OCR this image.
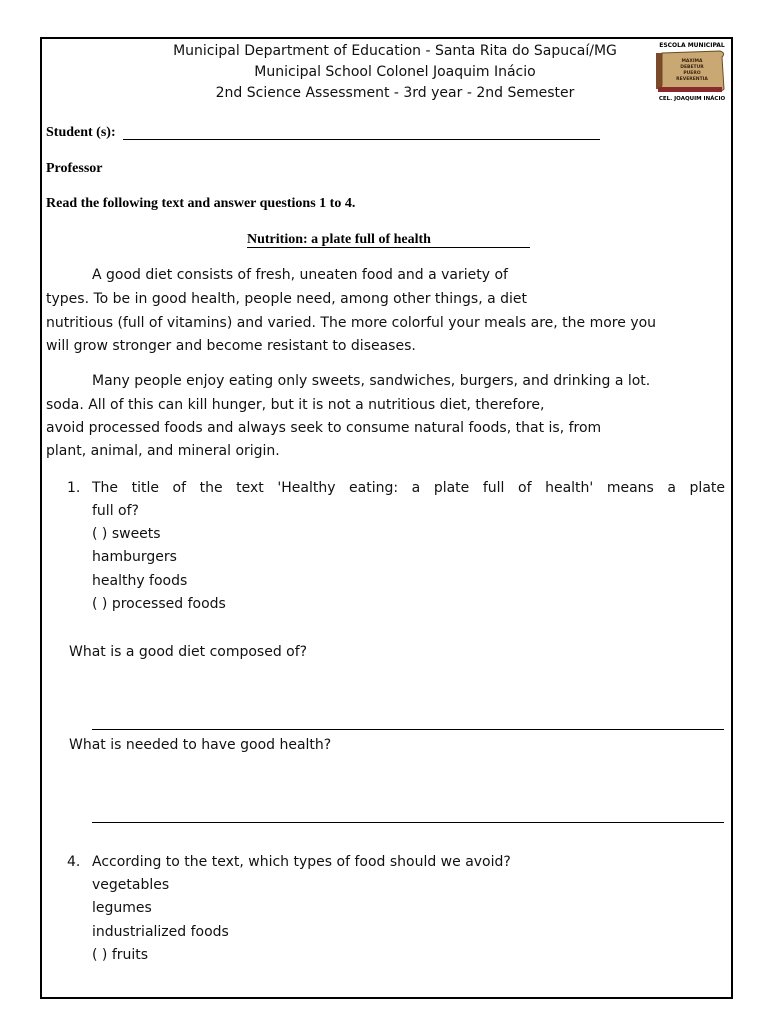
Municipal Department of Education - Santa Rita do Sapucaí/MG
Municipal School Colonel Joaquim Inácio
2nd Science Assessment - 3rd year - 2nd Semester
ESCOLA MUNICIPAL
MAXIMA
DEBETUR
PUERO
REVERENTIA
CEL. JOAQUIM INÁCIO
Student (s):
Professor
Read the following text and answer questions 1 to 4.
Nutrition: a plate full of health
A good diet consists of fresh, uneaten food and a variety of
types. To be in good health, people need, among other things, a diet
nutritious (full of vitamins) and varied. The more colorful your meals are, the more you
will grow stronger and become resistant to diseases.
Many people enjoy eating only sweets, sandwiches, burgers, and drinking a lot.
soda. All of this can kill hunger, but it is not a nutritious diet, therefore,
avoid processed foods and always seek to consume natural foods, that is, from
plant, animal, and mineral origin.
1. The title of the text 'Healthy eating: a plate full of health' means a plate
full of?
( ) sweets
hamburgers
healthy foods
( ) processed foods
What is a good diet composed of?
What is needed to have good health?
4. According to the text, which types of food should we avoid?
vegetables
legumes
industrialized foods
( ) fruits
